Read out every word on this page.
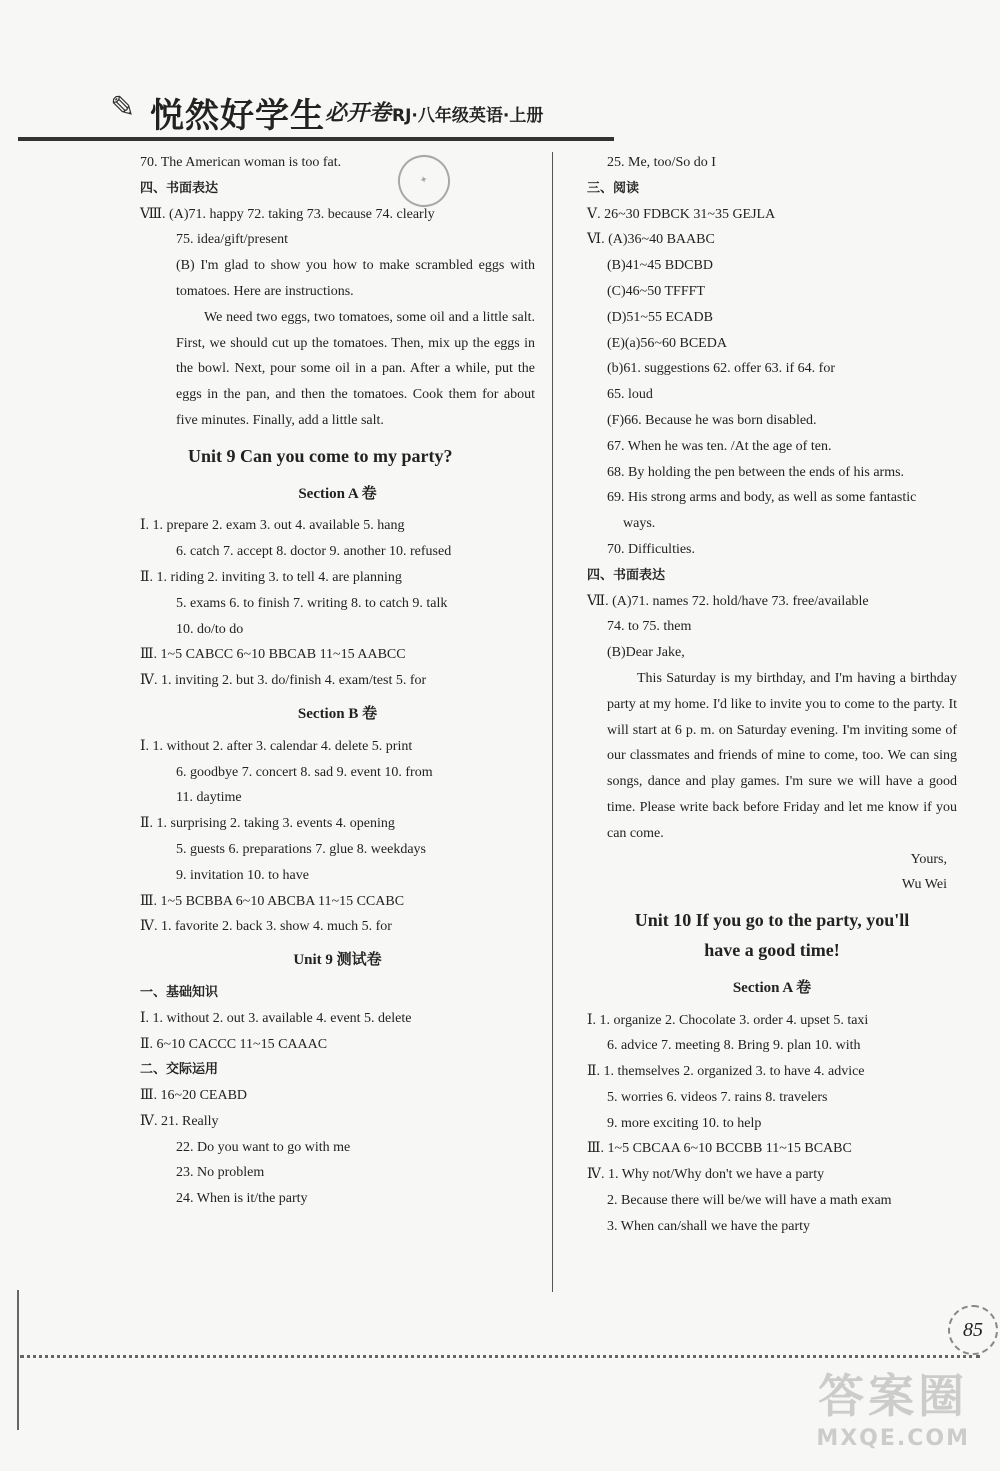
✎ 悦然好学生 必开卷 RJ·八年级英语·上册
✦
70. The American woman is too fat.
四、书面表达
Ⅷ. (A)71. happy 72. taking 73. because 74. clearly
75. idea/gift/present
(B) I'm glad to show you how to make scrambled eggs with tomatoes. Here are instructions.
We need two eggs, two tomatoes, some oil and a little salt. First, we should cut up the tomatoes. Then, mix up the eggs in the bowl. Next, pour some oil in a pan. After a while, put the eggs in the pan, and then the tomatoes. Cook them for about five minutes. Finally, add a little salt.
Unit 9 Can you come to my party?
Section A 卷
Ⅰ. 1. prepare 2. exam 3. out 4. available 5. hang
6. catch 7. accept 8. doctor 9. another 10. refused
Ⅱ. 1. riding 2. inviting 3. to tell 4. are planning
5. exams 6. to finish 7. writing 8. to catch 9. talk
10. do/to do
Ⅲ. 1~5 CABCC 6~10 BBCAB 11~15 AABCC
Ⅳ. 1. inviting 2. but 3. do/finish 4. exam/test 5. for
Section B 卷
Ⅰ. 1. without 2. after 3. calendar 4. delete 5. print
6. goodbye 7. concert 8. sad 9. event 10. from
11. daytime
Ⅱ. 1. surprising 2. taking 3. events 4. opening
5. guests 6. preparations 7. glue 8. weekdays
9. invitation 10. to have
Ⅲ. 1~5 BCBBA 6~10 ABCBA 11~15 CCABC
Ⅳ. 1. favorite 2. back 3. show 4. much 5. for
Unit 9 测试卷
一、基础知识
Ⅰ. 1. without 2. out 3. available 4. event 5. delete
Ⅱ. 6~10 CACCC 11~15 CAAAC
二、交际运用
Ⅲ. 16~20 CEABD
Ⅳ. 21. Really
22. Do you want to go with me
23. No problem
24. When is it/the party
25. Me, too/So do I
三、阅读
Ⅴ. 26~30 FDBCK 31~35 GEJLA
Ⅵ. (A)36~40 BAABC
(B)41~45 BDCBD
(C)46~50 TFFFT
(D)51~55 ECADB
(E)(a)56~60 BCEDA
(b)61. suggestions 62. offer 63. if 64. for
65. loud
(F)66. Because he was born disabled.
67. When he was ten. /At the age of ten.
68. By holding the pen between the ends of his arms.
69. His strong arms and body, as well as some fantastic
ways.
70. Difficulties.
四、书面表达
Ⅶ. (A)71. names 72. hold/have 73. free/available
74. to 75. them
(B)Dear Jake,
This Saturday is my birthday, and I'm having a birthday party at my home. I'd like to invite you to come to the party. It will start at 6 p. m. on Saturday evening. I'm inviting some of our classmates and friends of mine to come, too. We can sing songs, dance and play games. I'm sure we will have a good time. Please write back before Friday and let me know if you can come.
Yours,
Wu Wei
Unit 10 If you go to the party, you'll
have a good time!
Section A 卷
Ⅰ. 1. organize 2. Chocolate 3. order 4. upset 5. taxi
6. advice 7. meeting 8. Bring 9. plan 10. with
Ⅱ. 1. themselves 2. organized 3. to have 4. advice
5. worries 6. videos 7. rains 8. travelers
9. more exciting 10. to help
Ⅲ. 1~5 CBCAA 6~10 BCCBB 11~15 BCABC
Ⅳ. 1. Why not/Why don't we have a party
2. Because there will be/we will have a math exam
3. When can/shall we have the party
85
答案圈
MXQE.COM
